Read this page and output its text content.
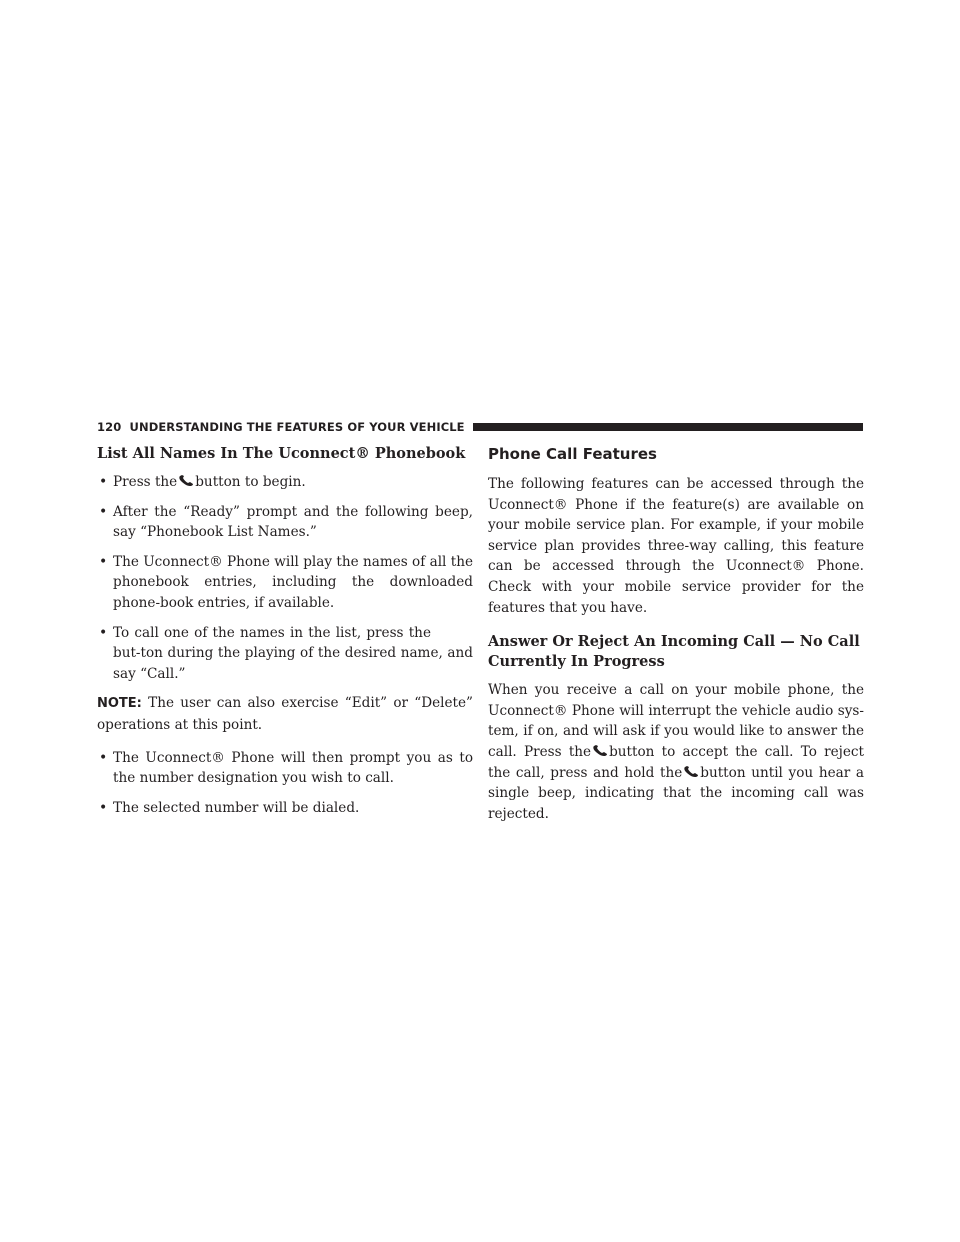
120 UNDERSTANDING THE FEATURES OF YOUR VEHICLE
List All Names In The Uconnect® Phonebook
• Press the button to begin.
• After the “Ready” prompt and the following beep, say “Phonebook List Names.”
• The Uconnect® Phone will play the names of all the phonebook entries, including the downloaded phone-book entries, if available.
• To call one of the names in the list, press thebut-ton during the playing of the desired name, and say “Call.”

NOTE: The user can also exercise “Edit” or “Delete” operations at this point.

• The Uconnect® Phone will then prompt you as to the number designation you wish to call.
• The selected number will be dialed.
Phone Call Features

The following features can be accessed through the Uconnect® Phone if the feature(s) are available on your mobile service plan. For example, if your mobile service plan provides three-way calling, this feature can be accessed through the Uconnect® Phone. Check with your mobile service provider for the features that you have.

Answer Or Reject An Incoming Call — No Call Currently In Progress

When you receive a call on your mobile phone, the Uconnect® Phone will interrupt the vehicle audio sys-tem, if on, and will ask if you would like to answer the call. Press the button to accept the call. To reject the call, press and hold the button until you hear a single beep, indicating that the incoming call was rejected.
